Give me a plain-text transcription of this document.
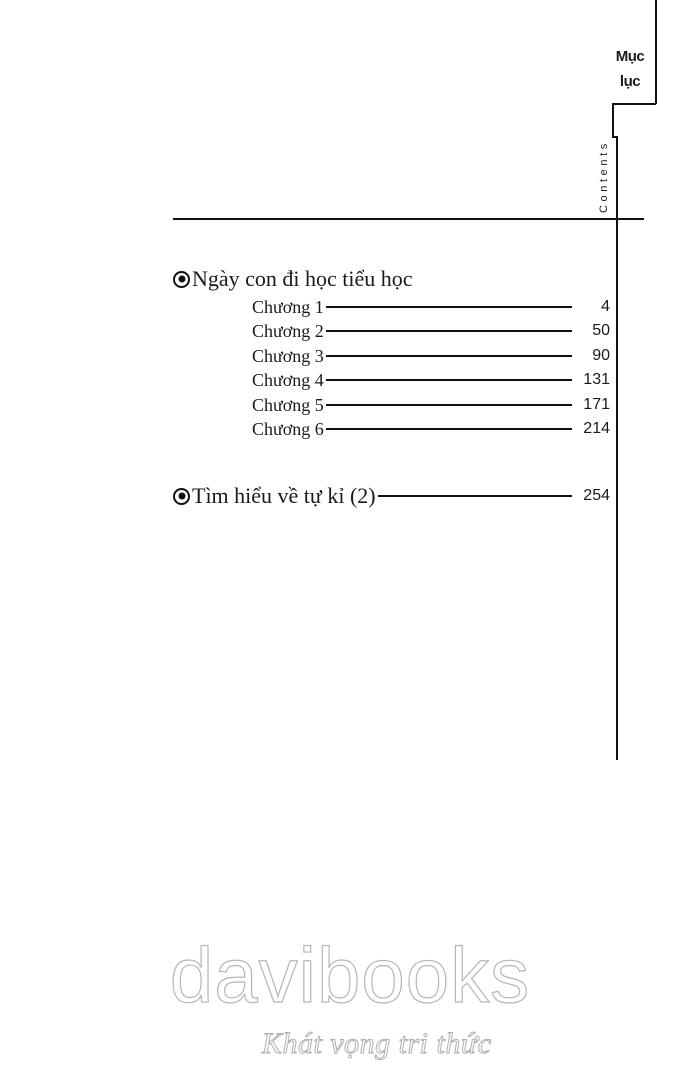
Mục
lục
Contents
Ngày con đi học tiểu học
Chương 1	4
Chương 2	50
Chương 3	90
Chương 4	131
Chương 5	171
Chương 6	214
Tìm hiểu về tự kỉ (2)	254
davibooks
Khát vọng tri thức
